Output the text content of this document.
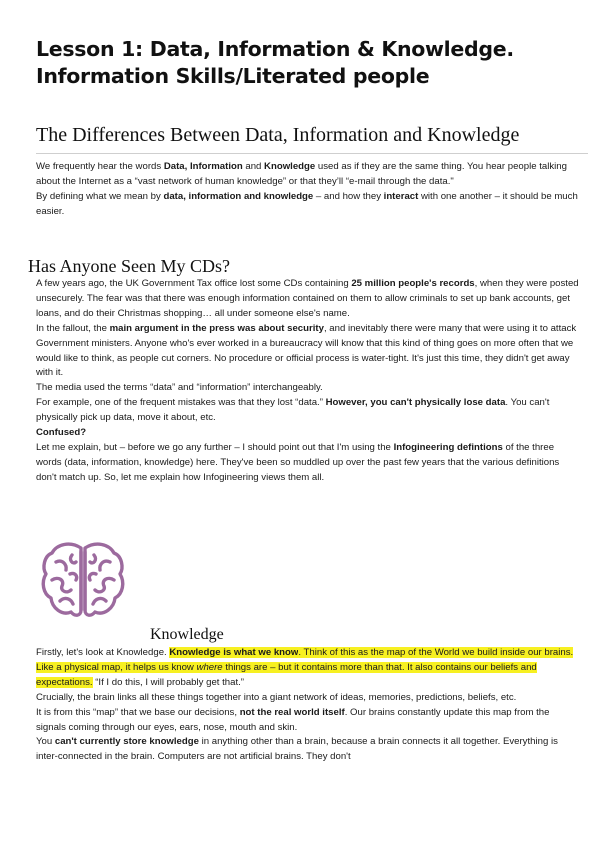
Lesson 1: Data, Information & Knowledge.
Information Skills/Literated people
The Differences Between Data, Information and Knowledge

We frequently hear the words Data, Information and Knowledge used as if they are the same thing. You hear people talking about the Internet as a “vast network of human knowledge” or that they’ll “e-mail through the data."

By defining what we mean by data, information and knowledge – and how they interact with one another – it should be much easier.

Has Anyone Seen My CDs?

A few years ago, the UK Government Tax office lost some CDs containing 25 million people's records, when they were posted unsecurely. The fear was that there was enough information contained on them to allow criminals to set up bank accounts, get loans, and do their Christmas shopping… all under someone else's name.

In the fallout, the main argument in the press was about security, and inevitably there were many that were using it to attack Government ministers. Anyone who's ever worked in a bureaucracy will know that this kind of thing goes on more often that we would like to think, as people cut corners. No procedure or official process is water-tight. It's just this time, they didn't get away with it.

The media used the terms “data” and “information” interchangeably.

For example, one of the frequent mistakes was that they lost “data.” However, you can't physically lose data. You can't physically pick up data, move it about, etc.

Confused?

Let me explain, but – before we go any further – I should point out that I'm using the Infogineering defintions of the three words (data, information, knowledge) here. They've been so muddled up over the past few years that the various definitions don't match up. So, let me explain how Infogineering views them all.

Knowledge

Firstly, let's look at Knowledge. Knowledge is what we know. Think of this as the map of the World we build inside our brains. Like a physical map, it helps us know where things are – but it contains more than that. It also contains our beliefs and expectations. “If I do this, I will probably get that.”

Crucially, the brain links all these things together into a giant network of ideas, memories, predictions, beliefs, etc.

It is from this “map” that we base our decisions, not the real world itself. Our brains constantly update this map from the signals coming through our eyes, ears, nose, mouth and skin.

You can't currently store knowledge in anything other than a brain, because a brain connects it all together. Everything is inter-connected in the brain. Computers are not artificial brains. They don't
